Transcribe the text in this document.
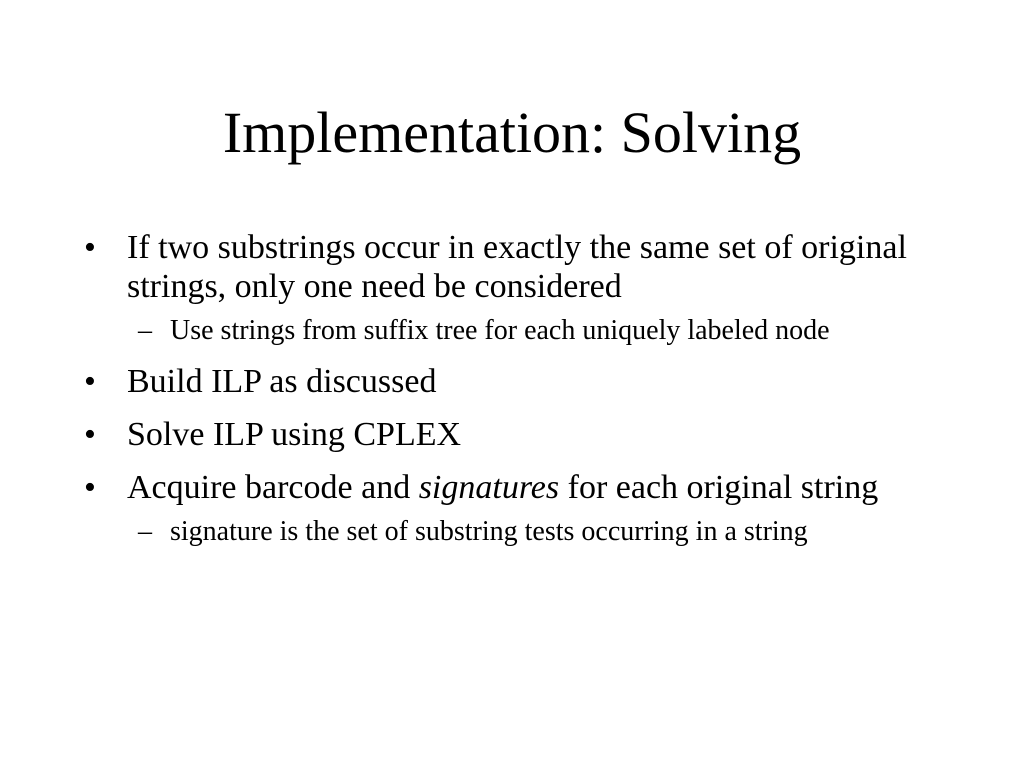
Implementation: Solving
• If two substrings occur in exactly the same set of original strings, only one need be considered
– Use strings from suffix tree for each uniquely labeled node
• Build ILP as discussed
• Solve ILP using CPLEX
• Acquire barcode and signatures for each original string
– signature is the set of substring tests occurring in a string
